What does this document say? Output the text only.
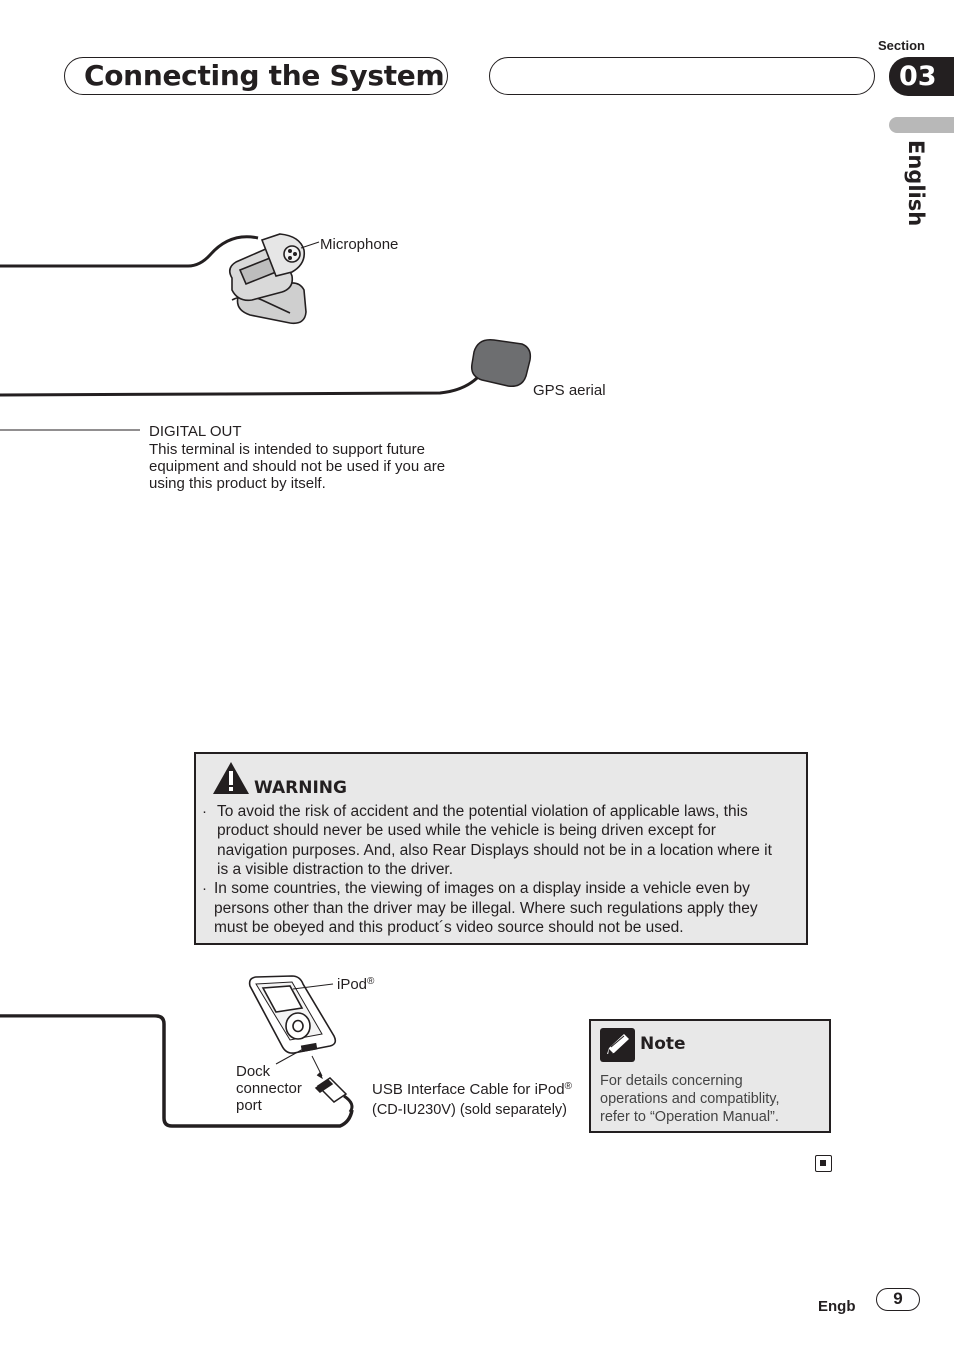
Connecting the System
Section
03
English
Microphone
GPS aerial
DIGITAL OUT
This terminal is intended to support future
equipment and should not be used if you are
using this product by itself.
WARNING
· To avoid the risk of accident and the potential violation of applicable laws, this
product should never be used while the vehicle is being driven except for
navigation purposes. And, also Rear Displays should not be in a location where it
is a visible distraction to the driver.
· In some countries, the viewing of images on a display inside a vehicle even by
persons other than the driver may be illegal. Where such regulations apply they
must be obeyed and this product´s video source should not be used.
iPod®
Dock
connector
port
USB Interface Cable for iPod®
(CD-IU230V) (sold separately)
Note
For details concerning
operations and compatiblity,
refer to “Operation Manual”.
Engb	9
